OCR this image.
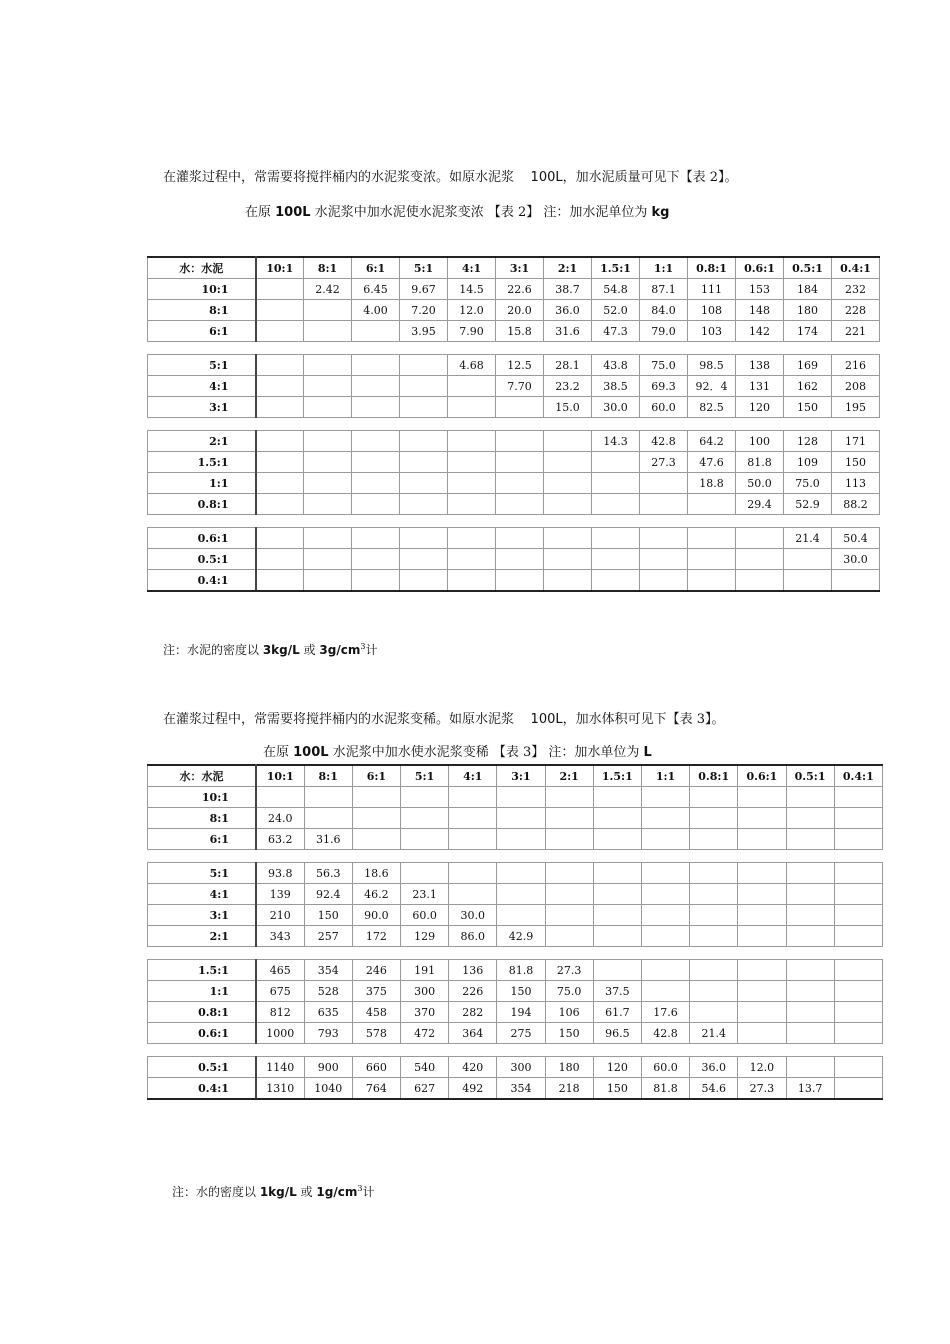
在灌浆过程中，常需要将搅拌桶内的水泥浆变浓。如原水泥浆 100L，加水泥质量可见下【表 2】。
在原 100L 水泥浆中加水泥使水泥浆变浓 【表 2】 注：加水泥单位为 kg
水：水泥	10:1	8:1	6:1	5:1	4:1	3:1	2:1	1.5:1	1:1	0.8:1	0.6:1	0.5:1	0.4:1
10:1		2.42	6.45	9.67	14.5	22.6	38.7	54.8	87.1	111	153	184	232
8:1			4.00	7.20	12.0	20.0	36.0	52.0	84.0	108	148	180	228
6:1				3.95	7.90	15.8	31.6	47.3	79.0	103	142	174	221

5:1					4.68	12.5	28.1	43.8	75.0	98.5	138	169	216
4:1						7.70	23.2	38.5	69.3	92．4	131	162	208
3:1							15.0	30.0	60.0	82.5	120	150	195

2:1								14.3	42.8	64.2	100	128	171
1.5:1									27.3	47.6	81.8	109	150
1:1										18.8	50.0	75.0	113
0.8:1											29.4	52.9	88.2

0.6:1												21.4	50.4
0.5:1													30.0
0.4:1													
注：水泥的密度以 3kg/L 或 $3g/cm^3$计
在灌浆过程中，常需要将搅拌桶内的水泥浆变稀。如原水泥浆 100L，加水体积可见下【表 3】。
在原 100L 水泥浆中加水使水泥浆变稀 【表 3】 注：加水单位为 L
水：水泥	10:1	8:1	6:1	5:1	4:1	3:1	2:1	1.5:1	1:1	0.8:1	0.6:1	0.5:1	0.4:1
10:1													
8:1	24.0												
6:1	63.2	31.6											

5:1	93.8	56.3	18.6										
4:1	139	92.4	46.2	23.1									
3:1	210	150	90.0	60.0	30.0								
2:1	343	257	172	129	86.0	42.9							

1.5:1	465	354	246	191	136	81.8	27.3						
1:1	675	528	375	300	226	150	75.0	37.5					
0.8:1	812	635	458	370	282	194	106	61.7	17.6				
0.6:1	1000	793	578	472	364	275	150	96.5	42.8	21.4			

0.5:1	1140	900	660	540	420	300	180	120	60.0	36.0	12.0		
0.4:1	1310	1040	764	627	492	354	218	150	81.8	54.6	27.3	13.7	
注：水的密度以 1kg/L 或 $1g/cm^3$计
